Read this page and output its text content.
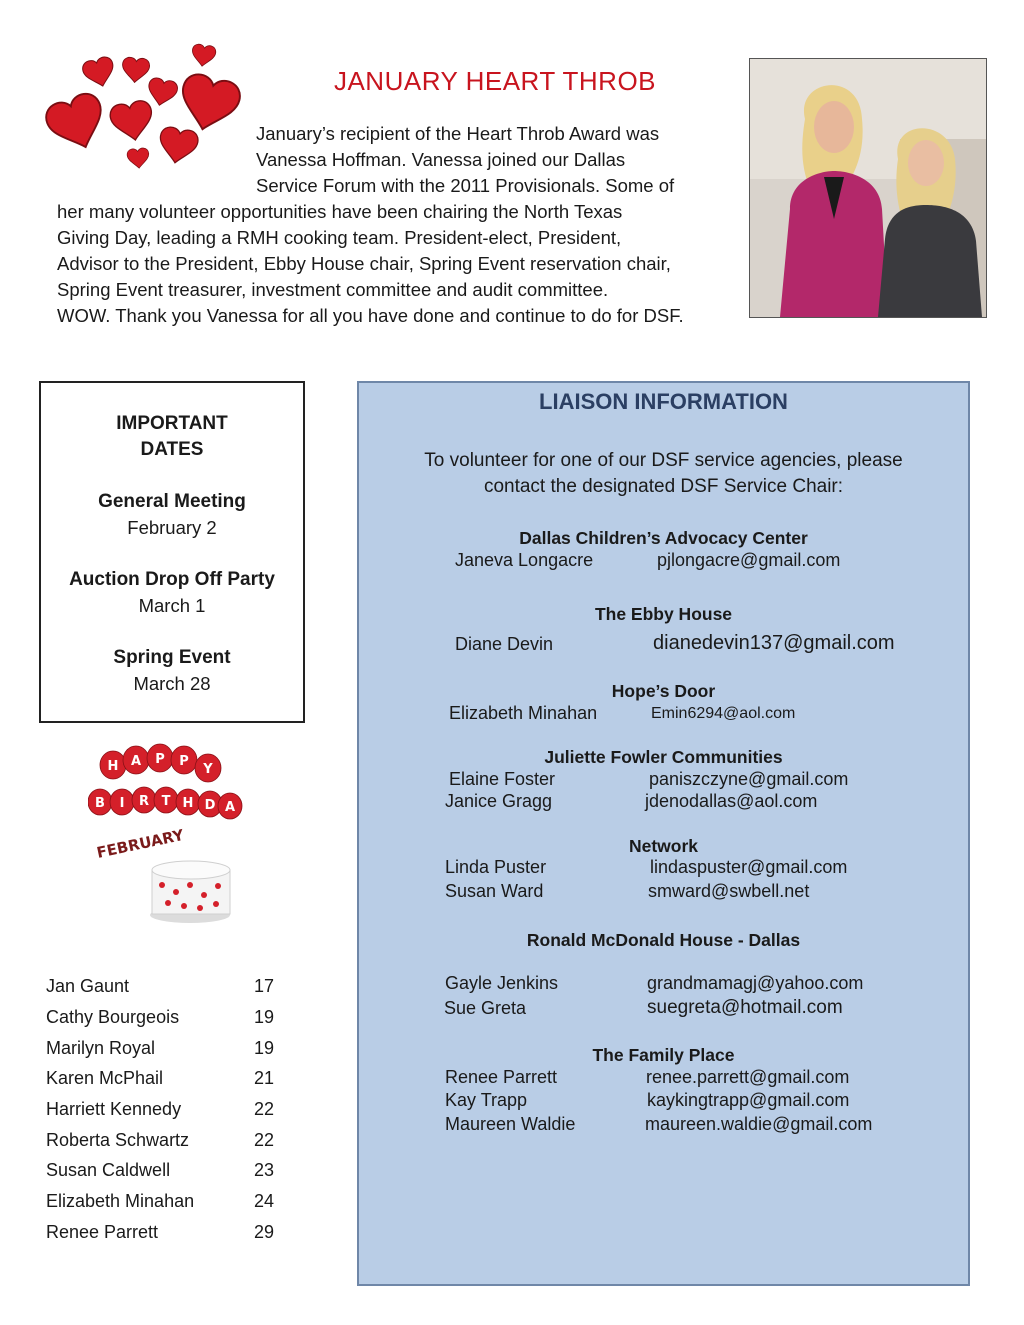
JANUARY HEART THROB
January’s recipient of the Heart Throb Award was
Vanessa Hoffman. Vanessa joined our Dallas
Service Forum with the 2011 Provisionals. Some of
her many volunteer opportunities have been chairing the North Texas
Giving Day, leading a RMH cooking team. President-elect, President,
Advisor to the President, Ebby House chair, Spring Event reservation chair,
Spring Event treasurer, investment committee and audit committee.
WOW. Thank you Vanessa for all you have done and continue to do for DSF.
IMPORTANT
DATES
General Meeting
February 2
Auction Drop Off Party
March 1
Spring Event
March 28
H A P P
Y
B I R T H D A
FEBRUARY
Jan Gaunt	17
Cathy Bourgeois	19
Marilyn Royal	19
Karen McPhail	21
Harriett Kennedy	22
Roberta Schwartz	22
Susan Caldwell	23
Elizabeth Minahan	24
Renee Parrett	29
LIAISON INFORMATION
To volunteer for one of our DSF service agencies, please
contact the designated DSF Service Chair:
Dallas Children’s Advocacy Center
Janeva Longacre	pjlongacre@gmail.com
The Ebby House
Diane Devin	dianedevin137@gmail.com
Hope’s Door
Elizabeth Minahan	Emin6294@aol.com
Juliette Fowler Communities
Elaine Foster	paniszczyne@gmail.com
Janice Gragg	jdenodallas@aol.com
Network
Linda Puster	lindaspuster@gmail.com
Susan Ward	smward@swbell.net
Ronald McDonald House - Dallas
Gayle Jenkins	grandmamagj@yahoo.com
Sue Greta	suegreta@hotmail.com
The Family Place
Renee Parrett	renee.parrett@gmail.com
Kay Trapp	kaykingtrapp@gmail.com
Maureen Waldie	maureen.waldie@gmail.com
